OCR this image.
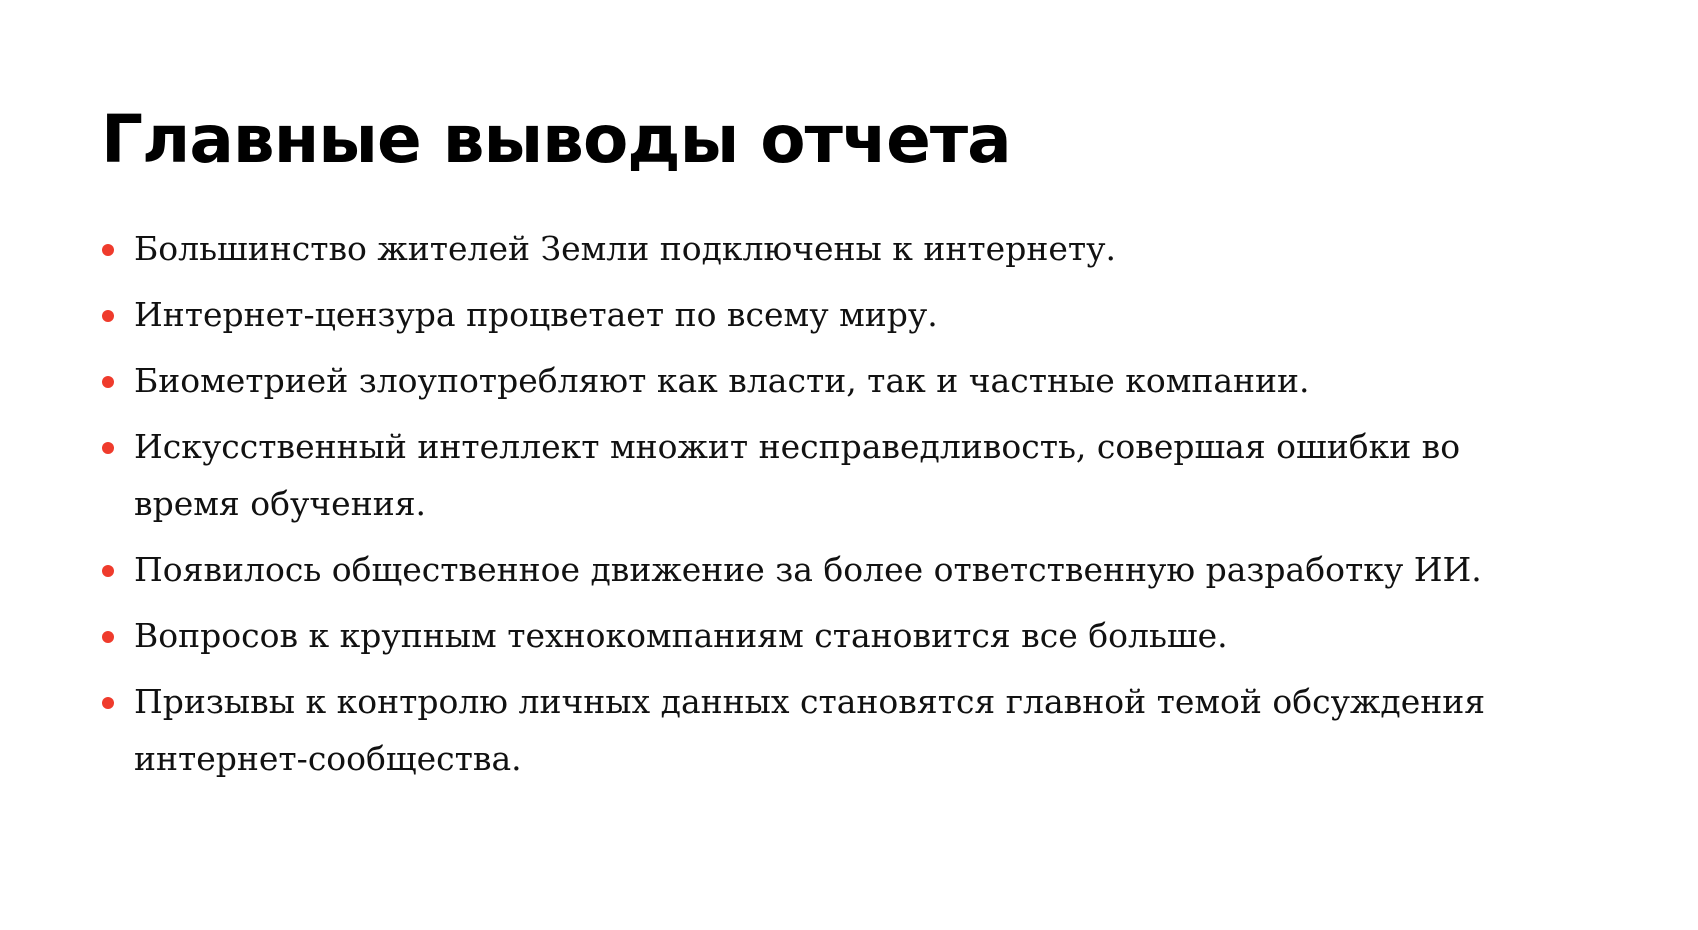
Главные выводы отчета
Большинство жителей Земли подключены к интернету.
Интернет-цензура процветает по всему миру.
Биометрией злоупотребляют как власти, так и частные компании.
Искусственный интеллект множит несправедливость, совершая ошибки во время обучения.
Появилось общественное движение за более ответственную разработку ИИ.
Вопросов к крупным технокомпаниям становится все больше.
Призывы к контролю личных данных становятся главной темой обсуждения интернет-сообщества.
